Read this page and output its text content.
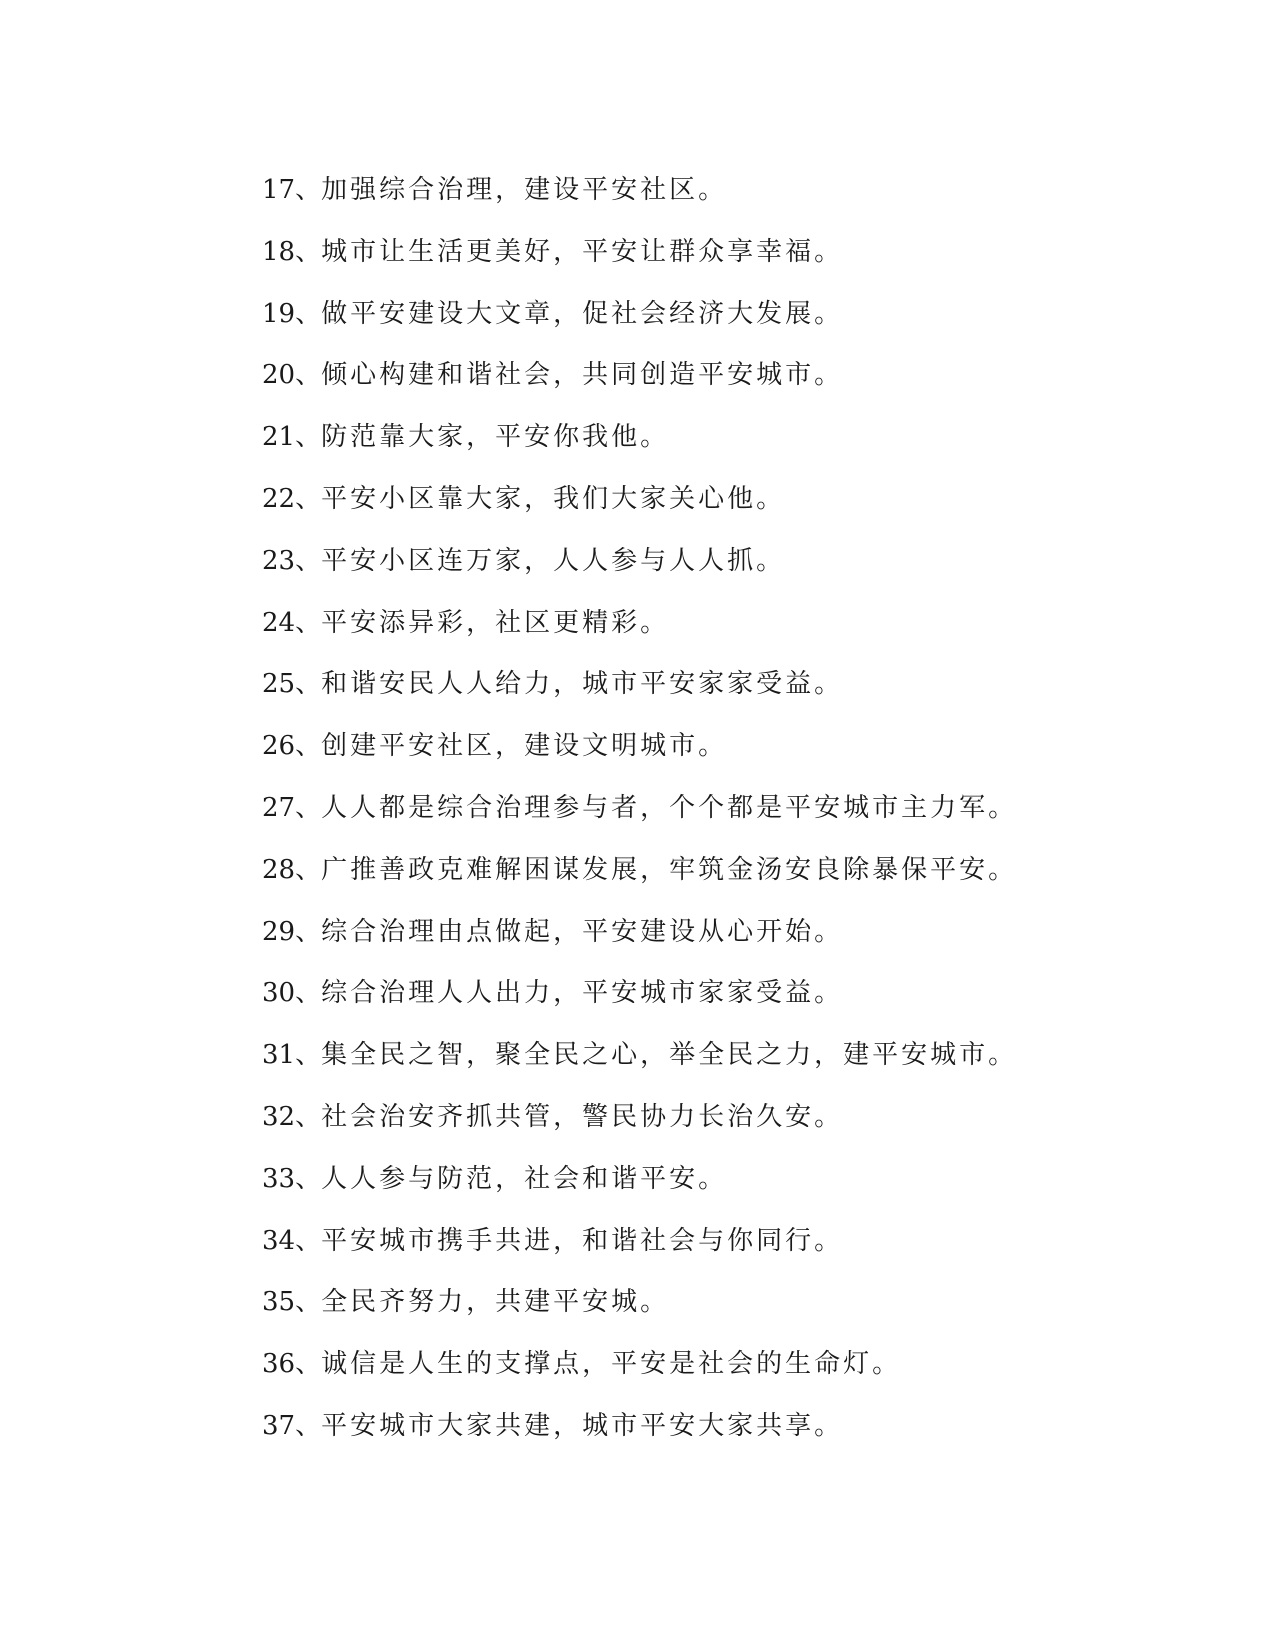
17、加强综合治理，建设平安社区。
18、城市让生活更美好，平安让群众享幸福。
19、做平安建设大文章，促社会经济大发展。
20、倾心构建和谐社会，共同创造平安城市。
21、防范靠大家，平安你我他。
22、平安小区靠大家，我们大家关心他。
23、平安小区连万家，人人参与人人抓。
24、平安添异彩，社区更精彩。
25、和谐安民人人给力，城市平安家家受益。
26、创建平安社区，建设文明城市。
27、人人都是综合治理参与者，个个都是平安城市主力军。
28、广推善政克难解困谋发展，牢筑金汤安良除暴保平安。
29、综合治理由点做起，平安建设从心开始。
30、综合治理人人出力，平安城市家家受益。
31、集全民之智，聚全民之心，举全民之力，建平安城市。
32、社会治安齐抓共管，警民协力长治久安。
33、人人参与防范，社会和谐平安。
34、平安城市携手共进，和谐社会与你同行。
35、全民齐努力，共建平安城。
36、诚信是人生的支撑点，平安是社会的生命灯。
37、平安城市大家共建，城市平安大家共享。
